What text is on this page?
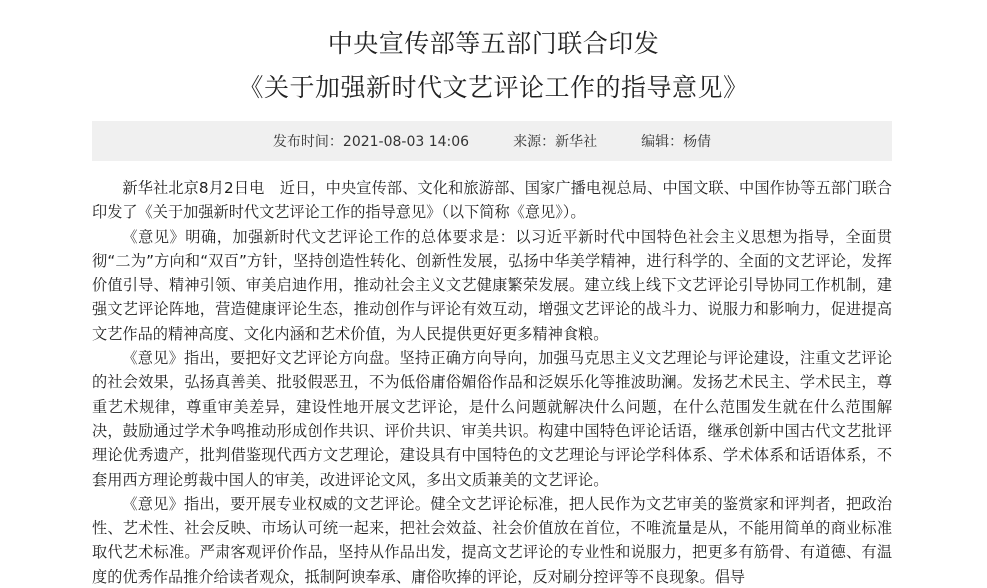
中央宣传部等五部门联合印发
《关于加强新时代文艺评论工作的指导意见》
发布时间：2021-08-03 14:06	来源：新华社	编辑：杨倩

新华社北京8月2日电　近日，中央宣传部、文化和旅游部、国家广播电视总局、中国文联、中国作协等五部门联合印发了《关于加强新时代文艺评论工作的指导意见》（以下简称《意见》）。

《意见》明确，加强新时代文艺评论工作的总体要求是：以习近平新时代中国特色社会主义思想为指导，全面贯彻“二为”方向和“双百”方针，坚持创造性转化、创新性发展，弘扬中华美学精神，进行科学的、全面的文艺评论，发挥价值引导、精神引领、审美启迪作用，推动社会主义文艺健康繁荣发展。建立线上线下文艺评论引导协同工作机制，建强文艺评论阵地，营造健康评论生态，推动创作与评论有效互动，增强文艺评论的战斗力、说服力和影响力，促进提高文艺作品的精神高度、文化内涵和艺术价值，为人民提供更好更多精神食粮。

《意见》指出，要把好文艺评论方向盘。坚持正确方向导向，加强马克思主义文艺理论与评论建设，注重文艺评论的社会效果，弘扬真善美、批驳假恶丑，不为低俗庸俗媚俗作品和泛娱乐化等推波助澜。发扬艺术民主、学术民主，尊重艺术规律，尊重审美差异，建设性地开展文艺评论，是什么问题就解决什么问题，在什么范围发生就在什么范围解决，鼓励通过学术争鸣推动形成创作共识、评价共识、审美共识。构建中国特色评论话语，继承创新中国古代文艺批评理论优秀遗产，批判借鉴现代西方文艺理论，建设具有中国特色的文艺理论与评论学科体系、学术体系和话语体系，不套用西方理论剪裁中国人的审美，改进评论文风，多出文质兼美的文艺评论。

《意见》指出，要开展专业权威的文艺评论。健全文艺评论标准，把人民作为文艺审美的鉴赏家和评判者，把政治性、艺术性、社会反映、市场认可统一起来，把社会效益、社会价值放在首位，不唯流量是从，不能用简单的商业标准取代艺术标准。严肃客观评价作品，坚持从作品出发，提高文艺评论的专业性和说服力，把更多有筋骨、有道德、有温度的优秀作品推介给读者观众，抵制阿谀奉承、庸俗吹捧的评论，反对刷分控评等不良现象。倡导
